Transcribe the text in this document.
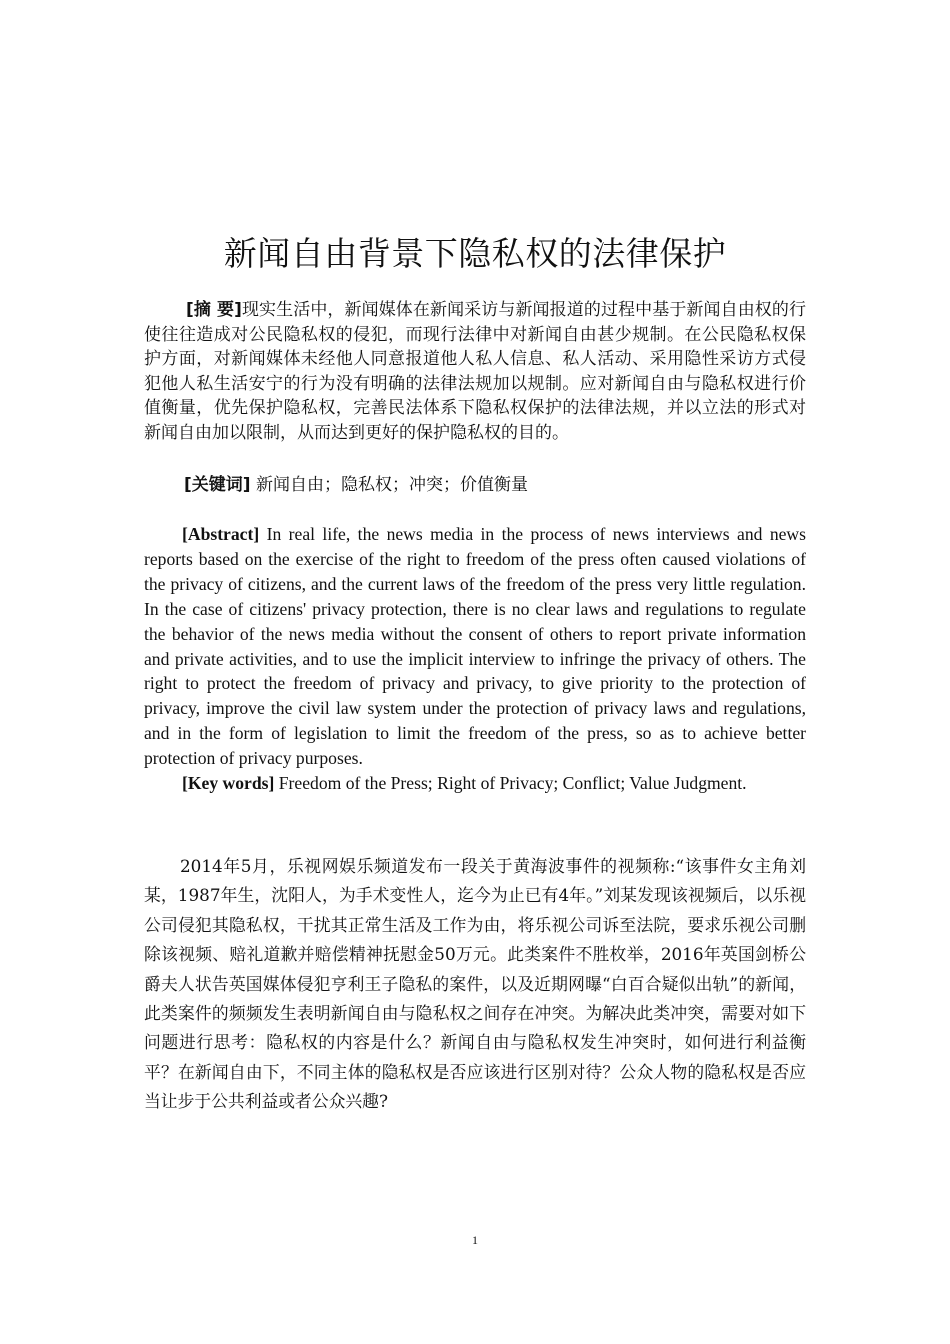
新闻自由背景下隐私权的法律保护

[摘 要]现实生活中，新闻媒体在新闻采访与新闻报道的过程中基于新闻自由权的行使往往造成对公民隐私权的侵犯，而现行法律中对新闻自由甚少规制。在公民隐私权保护方面，对新闻媒体未经他人同意报道他人私人信息、私人活动、采用隐性采访方式侵犯他人私生活安宁的行为没有明确的法律法规加以规制。应对新闻自由与隐私权进行价值衡量，优先保护隐私权，完善民法体系下隐私权保护的法律法规，并以立法的形式对新闻自由加以限制，从而达到更好的保护隐私权的目的。

[关键词] 新闻自由；隐私权；冲突；价值衡量

[Abstract] In real life, the news media in the process of news interviews and news reports based on the exercise of the right to freedom of the press often caused violations of the privacy of citizens, and the current laws of the freedom of the press very little regulation. In the case of citizens' privacy protection, there is no clear laws and regulations to regulate the behavior of the news media without the consent of others to report private information and private activities, and to use the implicit interview to infringe the privacy of others. The right to protect the freedom of privacy and privacy, to give priority to the protection of privacy, improve the civil law system under the protection of privacy laws and regulations, and in the form of legislation to limit the freedom of the press, so as to achieve better protection of privacy purposes.

[Key words] Freedom of the Press; Right of Privacy; Conflict; Value Judgment.

2014年5月，乐视网娱乐频道发布一段关于黄海波事件的视频称:“该事件女主角刘某，1987年生，沈阳人，为手术变性人，迄今为止已有4年。”刘某发现该视频后，以乐视公司侵犯其隐私权，干扰其正常生活及工作为由，将乐视公司诉至法院，要求乐视公司删除该视频、赔礼道歉并赔偿精神抚慰金50万元。此类案件不胜枚举，2016年英国剑桥公爵夫人状告英国媒体侵犯亨利王子隐私的案件，以及近期网曝“白百合疑似出轨”的新闻，此类案件的频频发生表明新闻自由与隐私权之间存在冲突。为解决此类冲突，需要对如下问题进行思考：隐私权的内容是什么？新闻自由与隐私权发生冲突时，如何进行利益衡平？在新闻自由下，不同主体的隐私权是否应该进行区别对待？公众人物的隐私权是否应当让步于公共利益或者公众兴趣?

1
